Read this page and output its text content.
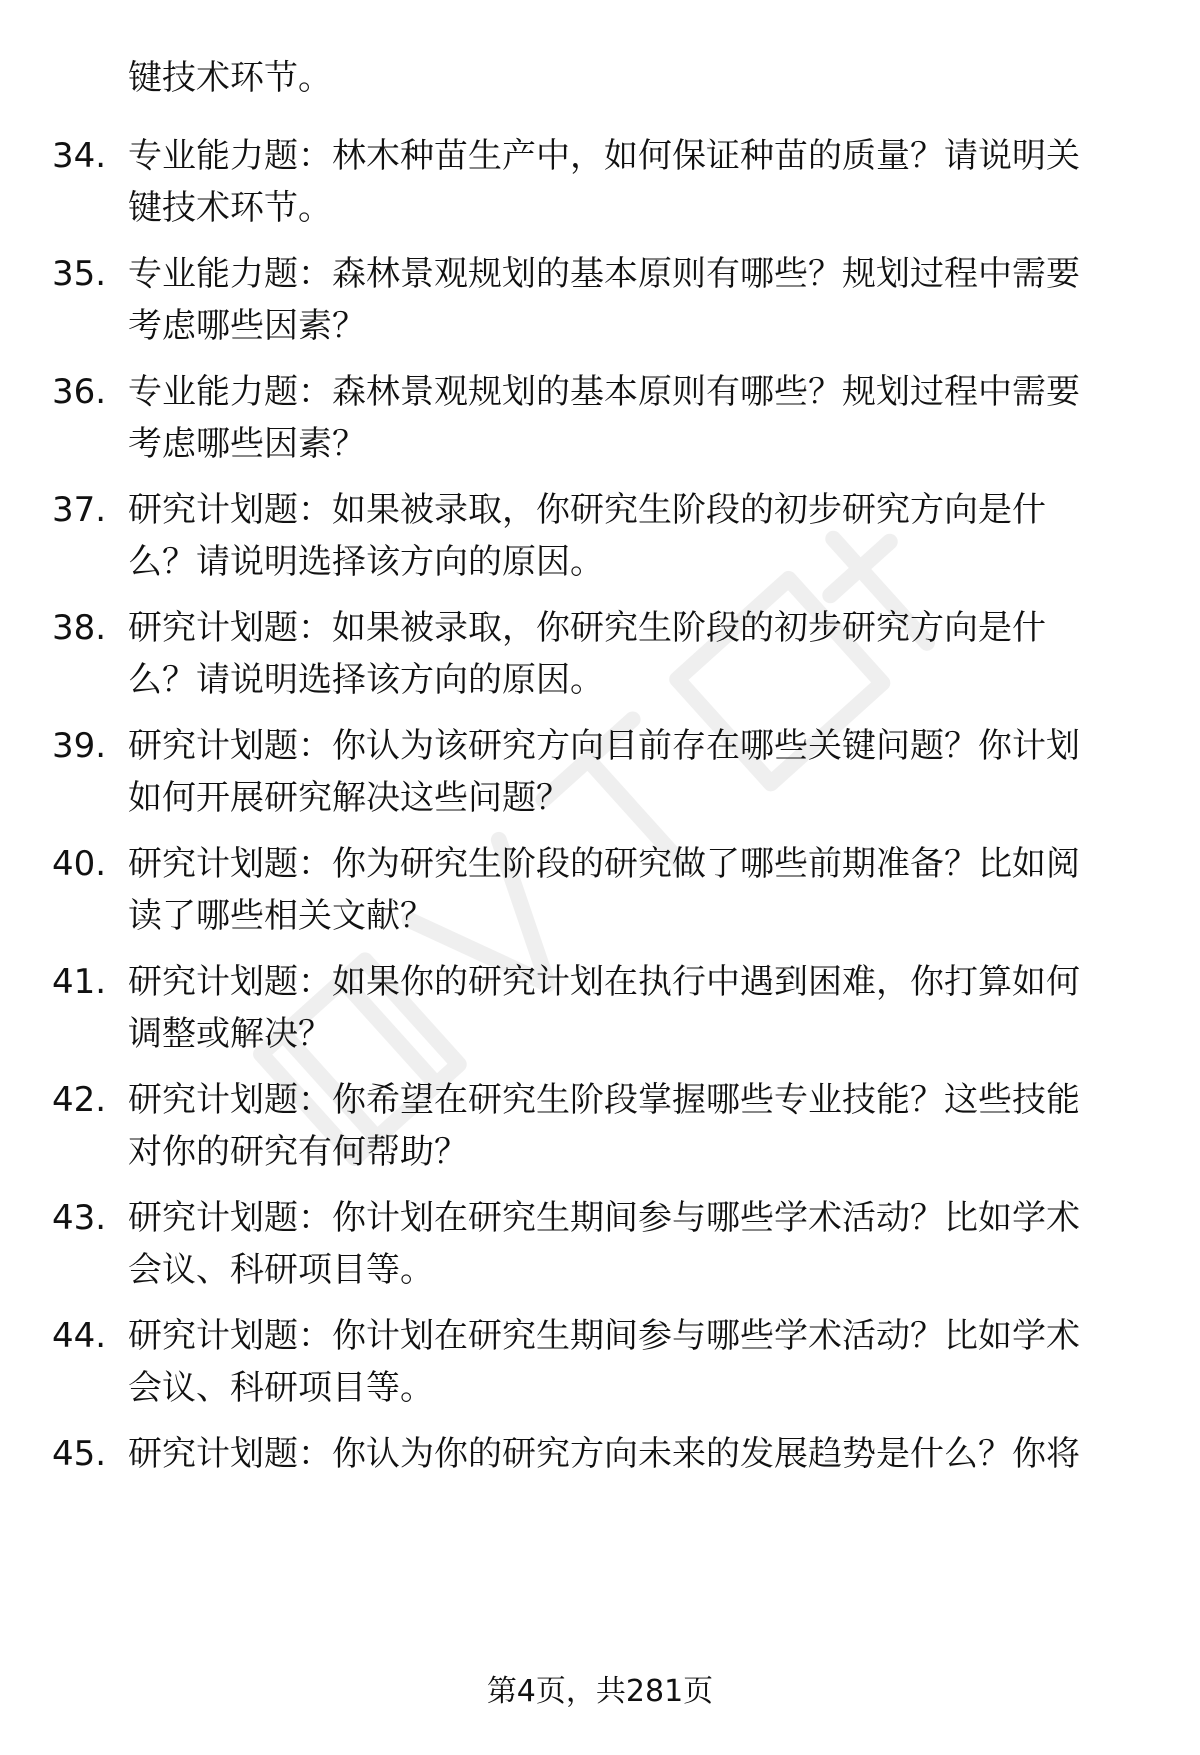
键技术环节。
34. 专业能力题：林木种苗生产中，如何保证种苗的质量？请说明关
键技术环节。
35. 专业能力题：森林景观规划的基本原则有哪些？规划过程中需要
考虑哪些因素？
36. 专业能力题：森林景观规划的基本原则有哪些？规划过程中需要
考虑哪些因素？
37. 研究计划题：如果被录取，你研究生阶段的初步研究方向是什
么？请说明选择该方向的原因。
38. 研究计划题：如果被录取，你研究生阶段的初步研究方向是什
么？请说明选择该方向的原因。
39. 研究计划题：你认为该研究方向目前存在哪些关键问题？你计划
如何开展研究解决这些问题？
40. 研究计划题：你为研究生阶段的研究做了哪些前期准备？比如阅
读了哪些相关文献？
41. 研究计划题：如果你的研究计划在执行中遇到困难，你打算如何
调整或解决？
42. 研究计划题：你希望在研究生阶段掌握哪些专业技能？这些技能
对你的研究有何帮助？
43. 研究计划题：你计划在研究生期间参与哪些学术活动？比如学术
会议、科研项目等。
44. 研究计划题：你计划在研究生期间参与哪些学术活动？比如学术
会议、科研项目等。
45. 研究计划题：你认为你的研究方向未来的发展趋势是什么？你将
第4页，共281页
